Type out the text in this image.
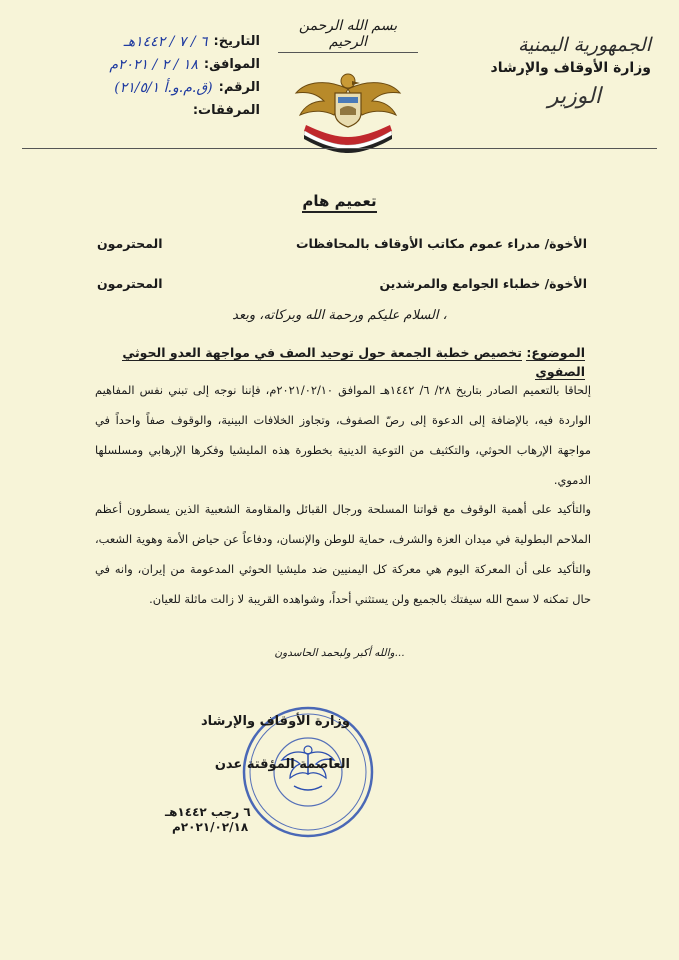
الجمهورية اليمنية
وزارة الأوقاف والإرشاد
الوزير
بسم الله الرحمن الرحيم
التاريخ:
٦ / ٧ / ١٤٤٢هـ
الموافق:
١٨ / ٢ / ٢٠٢١م
الرقم:
(ق.م.و.أ ٢١/٥/١)
المرفقات:
تعميم هام
الأخوة/ مدراء عموم مكاتب الأوقاف بالمحافظات
المحترمون
الأخوة/ خطباء الجوامع والمرشدين
المحترمون
السلام عليكم ورحمة الله وبركاته، وبعد ،
الموضوع: تخصيص خطبة الجمعة حول توحيد الصف في مواجهة العدو الحوثي الصفوي
إلحاقا بالتعميم الصادر بتاريخ ٢٨/ ٦/ ١٤٤٢هـ الموافق ٢٠٢١/٠٢/١٠م، فإننا نوجه إلى تبني نفس المفاهيم الواردة فيه، بالإضافة إلى الدعوة إلى رصّ الصفوف، وتجاوز الخلافات البينية، والوقوف صفاً واحداً في مواجهة الإرهاب الحوثي، والتكثيف من التوعية الدينية بخطورة هذه المليشيا وفكرها الإرهابي ومسلسلها الدموي.
والتأكيد على أهمية الوقوف مع قواتنا المسلحة ورجال القبائل والمقاومة الشعبية الذين يسطرون أعظم الملاحم البطولية في ميدان العزة والشرف، حماية للوطن والإنسان، ودفاعاً عن حياض الأمة وهوية الشعب، والتأكيد على أن المعركة اليوم هي معركة كل اليمنيين ضد مليشيا الحوثي المدعومة من إيران، وانه في حال تمكنه لا سمح الله سيفتك بالجميع ولن يستثني أحداً، وشواهده القريبة لا زالت ماثلة للعيان.
والله أكبر ولبحمد الحاسدون...
وزارة الأوقاف والإرشاد
العاصمة المؤقتة عدن
٦ رجب ١٤٤٢هـ
٢٠٢١/٠٢/١٨م
